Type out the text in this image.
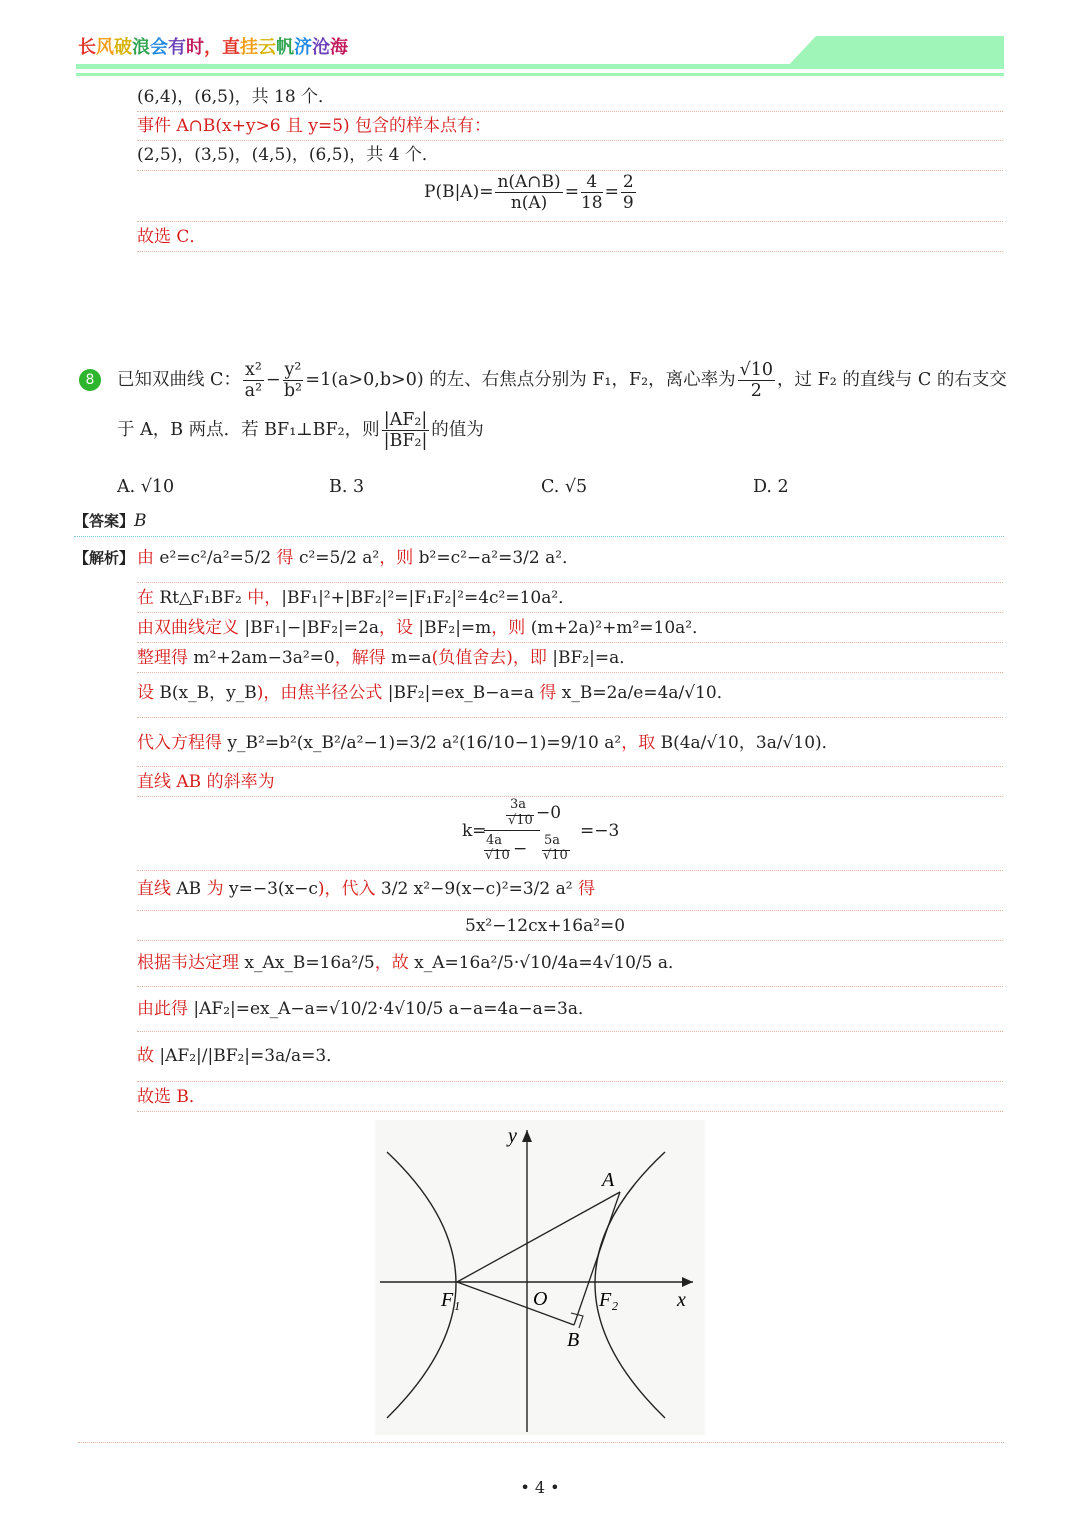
长风破浪会有时，直挂云帆济沧海
(6,4)，(6,5)，共 18 个．
事件 A∩B(x+y>6 且 y=5) 包含的样本点有：
(2,5)，(3,5)，(4,5)，(6,5)，共 4 个．
$P(B|A)= \frac{n(A\cap B)}{n(A)} = \frac{4}{18} = \frac{2}{9}$
故选 C．
8	已知双曲线 C： $\frac{\text{x²}}{\text{a²}} - \frac{\text{y²}}{\text{b²}} =1(a>0,b>0)$ 的左、右焦点分别为 F₁，F₂，离心率为 $\frac{√10}{2}$ ，过 F₂ 的直线与 C 的右支交
于 A，B 两点．若 BF₁⊥BF₂，则 $\frac{\text{|AF₂|}}{\text{|BF₂|}}$ 的值为
A. √10	B. 3	C. √5	D. 2
【答案】B
【解析】 由 e²=c²/a²=5/2 得 c²=5/2 a²，则 b²=c²−a²=3/2 a²．
在 Rt△F₁BF₂ 中，|BF₁|²+|BF₂|²=|F₁F₂|²=4c²=10a²．
由双曲线定义 |BF₁|−|BF₂|=2a，设 |BF₂|=m，则 (m+2a)²+m²=10a²．
整理得 m²+2am−3a²=0，解得 m=a(负值舍去)，即 |BF₂|=a．
设 B(x_B，y_B)，由焦半径公式 |BF₂|=ex_B−a=a 得 x_B=2a/e=4a/√10．
代入方程得 y_B²=b²(x_B²/a²−1)=3/2 a²(16/10−1)=9/10 a²，取 B(4a/√10，3a/√10)．
直线 AB 的斜率为
k=
3a
√10 −0
4a
√10 − 5a
√10
=−3
直线 AB 为 y=−3(x−c)，代入 3/2 x²−9(x−c)²=3/2 a² 得
5x²−12cx+16a²=0
根据韦达定理 x_Ax_B=16a²/5，故 x_A=16a²/5·√10/4a=4√10/5 a．
由此得 |AF₂|=ex_A−a=√10/2·4√10/5 a−a=4a−a=3a．
故 |AF₂|/|BF₂|=3a/a=3．
故选 B．
y
x
A
B
O
F₁	F₂
• 4 •
